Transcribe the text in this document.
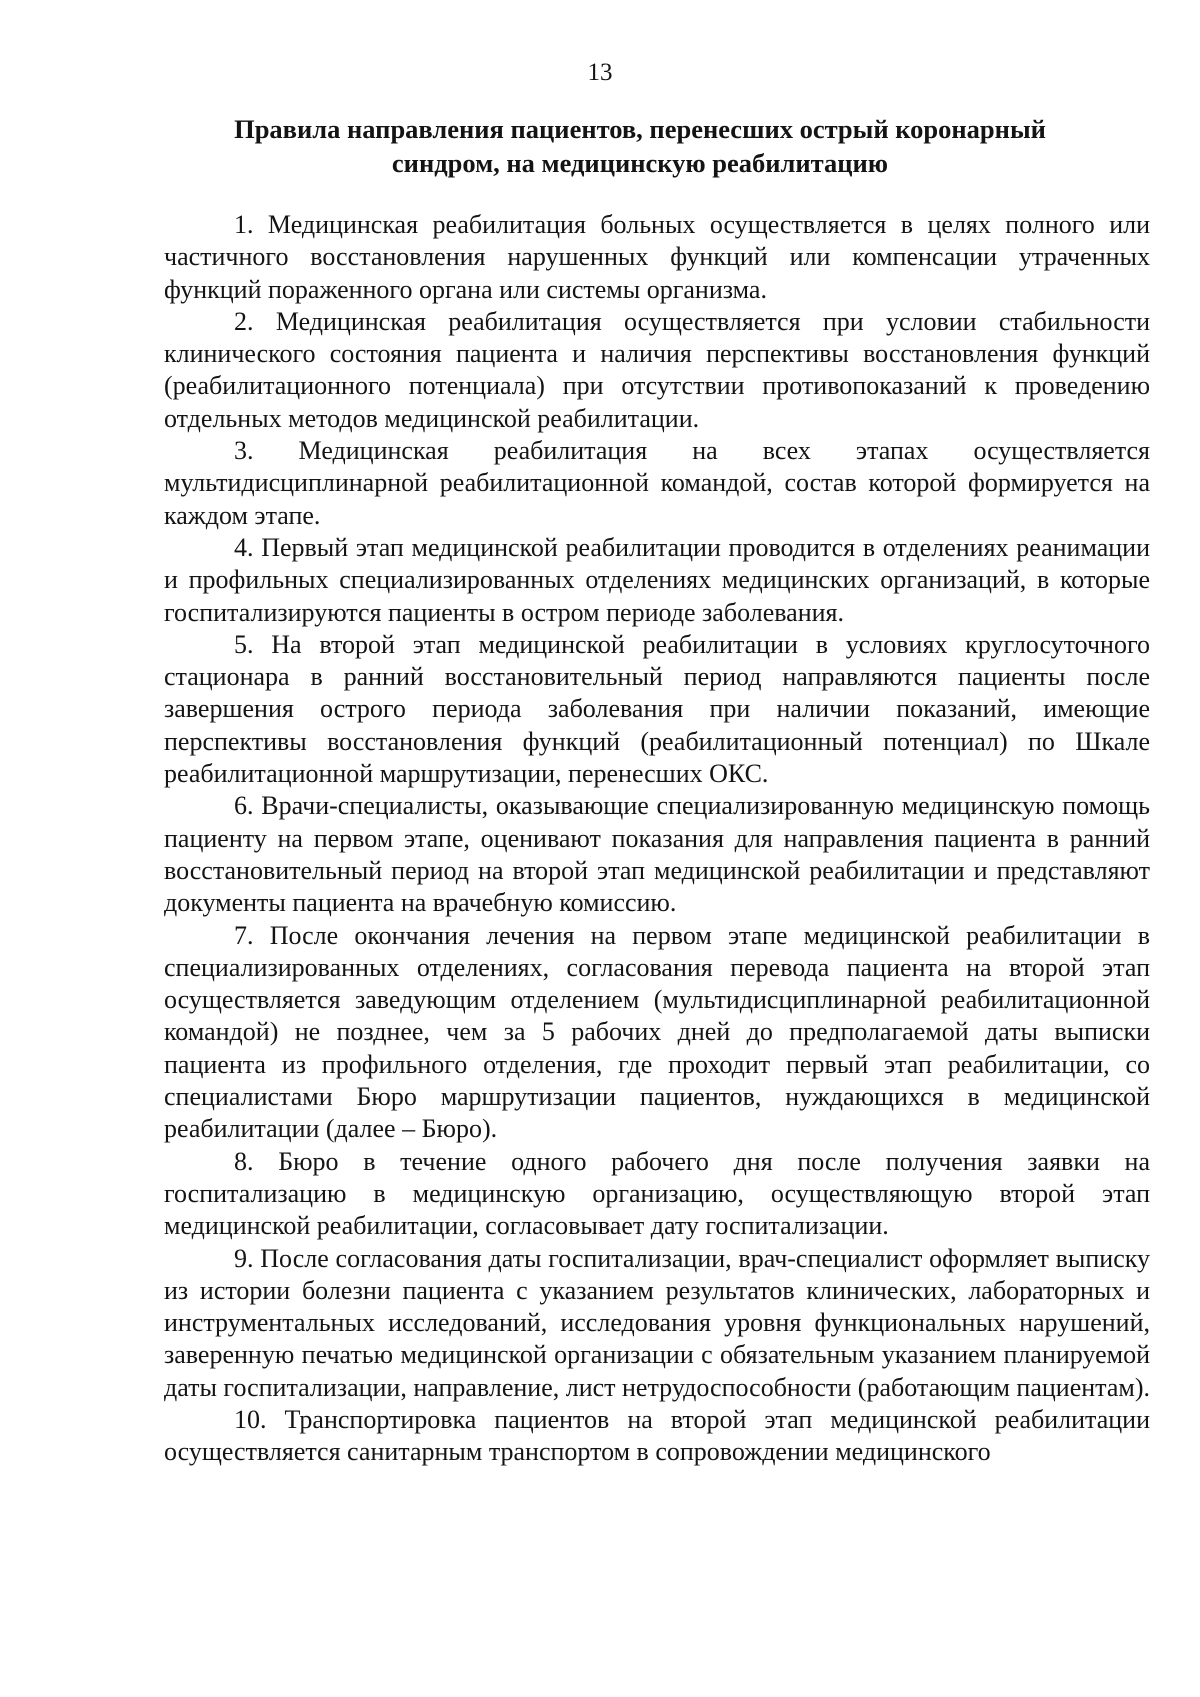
13
Правила направления пациентов, перенесших острый коронарный синдром, на медицинскую реабилитацию

1. Медицинская реабилитация больных осуществляется в целях полного или частичного восстановления нарушенных функций или компенсации утраченных функций пораженного органа или системы организма.

2. Медицинская реабилитация осуществляется при условии стабильности клинического состояния пациента и наличия перспективы восстановления функций (реабилитационного потенциала) при отсутствии противопоказаний к проведению отдельных методов медицинской реабилитации.

3. Медицинская реабилитация на всех этапах осуществляется мультидисциплинарной реабилитационной командой, состав которой формируется на каждом этапе.

4. Первый этап медицинской реабилитации проводится в отделениях реанимации и профильных специализированных отделениях медицинских организаций, в которые госпитализируются пациенты в остром периоде заболевания.

5. На второй этап медицинской реабилитации в условиях круглосуточного стационара в ранний восстановительный период направляются пациенты после завершения острого периода заболевания при наличии показаний, имеющие перспективы восстановления функций (реабилитационный потенциал) по Шкале реабилитационной маршрутизации, перенесших ОКС.

6. Врачи-специалисты, оказывающие специализированную медицинскую помощь пациенту на первом этапе, оценивают показания для направления пациента в ранний восстановительный период на второй этап медицинской реабилитации и представляют документы пациента на врачебную комиссию.

7. После окончания лечения на первом этапе медицинской реабилитации в специализированных отделениях, согласования перевода пациента на второй этап осуществляется заведующим отделением (мультидисциплинарной реабилитационной командой) не позднее, чем за 5 рабочих дней до предполагаемой даты выписки пациента из профильного отделения, где проходит первый этап реабилитации, со специалистами Бюро маршрутизации пациентов, нуждающихся в медицинской реабилитации (далее – Бюро).

8. Бюро в течение одного рабочего дня после получения заявки на госпитализацию в медицинскую организацию, осуществляющую второй этап медицинской реабилитации, согласовывает дату госпитализации.

9. После согласования даты госпитализации, врач-специалист оформляет выписку из истории болезни пациента с указанием результатов клинических, лабораторных и инструментальных исследований, исследования уровня функциональных нарушений, заверенную печатью медицинской организации с обязательным указанием планируемой даты госпитализации, направление, лист нетрудоспособности (работающим пациентам).

10. Транспортировка пациентов на второй этап медицинской реабилитации осуществляется санитарным транспортом в сопровождении медицинского
